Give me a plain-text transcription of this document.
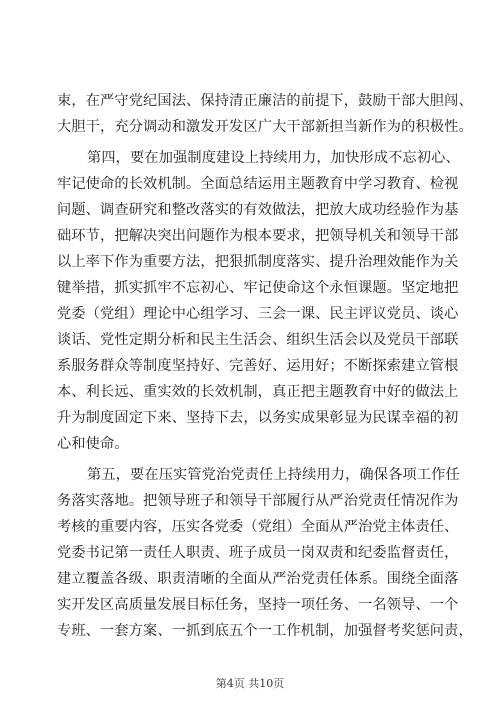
束，在严守党纪国法、保持清正廉洁的前提下，鼓励干部大胆闯、
大胆干，充分调动和激发开发区广大干部新担当新作为的积极性。
第四，要在加强制度建设上持续用力，加快形成不忘初心、
牢记使命的长效机制。全面总结运用主题教育中学习教育、检视
问题、调查研究和整改落实的有效做法，把放大成功经验作为基
础环节，把解决突出问题作为根本要求，把领导机关和领导干部
以上率下作为重要方法，把狠抓制度落实、提升治理效能作为关
键举措，抓实抓牢不忘初心、牢记使命这个永恒课题。坚定地把
党委（党组）理论中心组学习、三会一课、民主评议党员、谈心
谈话、党性定期分析和民主生活会、组织生活会以及党员干部联
系服务群众等制度坚持好、完善好、运用好；不断探索建立管根
本、利长远、重实效的长效机制，真正把主题教育中好的做法上
升为制度固定下来、坚持下去，以务实成果彰显为民谋幸福的初
心和使命。
第五，要在压实管党治党责任上持续用力，确保各项工作任
务落实落地。把领导班子和领导干部履行从严治党责任情况作为
考核的重要内容，压实各党委（党组）全面从严治党主体责任、
党委书记第一责任人职责、班子成员一岗双责和纪委监督责任，
建立覆盖各级、职责清晰的全面从严治党责任体系。围绕全面落
实开发区高质量发展目标任务，坚持一项任务、一名领导、一个
专班、一套方案、一抓到底五个一工作机制，加强督考奖惩问责，
第4页 共10页
